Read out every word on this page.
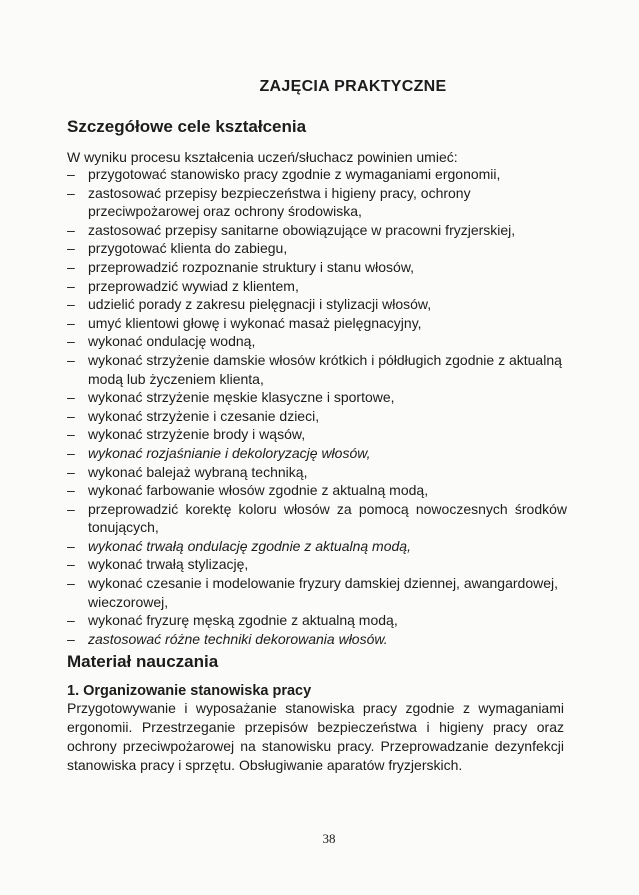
ZAJĘCIA PRAKTYCZNE
Szczegółowe cele kształcenia
W wyniku procesu kształcenia uczeń/słuchacz powinien umieć:
– przygotować stanowisko pracy zgodnie z wymaganiami ergonomii,
– zastosować przepisy bezpieczeństwa i higieny pracy, ochrony przeciwpożarowej oraz ochrony środowiska,
– zastosować przepisy sanitarne obowiązujące w pracowni fryzjerskiej,
– przygotować klienta do zabiegu,
– przeprowadzić rozpoznanie struktury i stanu włosów,
– przeprowadzić wywiad z klientem,
– udzielić porady z zakresu pielęgnacji i stylizacji włosów,
– umyć klientowi głowę i wykonać masaż pielęgnacyjny,
– wykonać ondulację wodną,
– wykonać strzyżenie damskie włosów krótkich i półdługich zgodnie z aktualną modą lub życzeniem klienta,
– wykonać strzyżenie męskie klasyczne i sportowe,
– wykonać strzyżenie i czesanie dzieci,
– wykonać strzyżenie brody i wąsów,
– wykonać rozjaśnianie i dekoloryzację włosów,
– wykonać balejaż wybraną techniką,
– wykonać farbowanie włosów zgodnie z aktualną modą,
– przeprowadzić korektę koloru włosów za pomocą nowoczesnych środków tonujących,
– wykonać trwałą ondulację zgodnie z aktualną modą,
– wykonać trwałą stylizację,
– wykonać czesanie i modelowanie fryzury damskiej dziennej, awangardowej, wieczorowej,
– wykonać fryzurę męską zgodnie z aktualną modą,
– zastosować różne techniki dekorowania włosów.
Materiał nauczania
1. Organizowanie stanowiska pracy
Przygotowywanie i wyposażanie stanowiska pracy zgodnie z wymaganiami ergonomii. Przestrzeganie przepisów bezpieczeństwa i higieny pracy oraz ochrony przeciwpożarowej na stanowisku pracy. Przeprowadzanie dezynfekcji stanowiska pracy i sprzętu. Obsługiwanie aparatów fryzjerskich.
38
